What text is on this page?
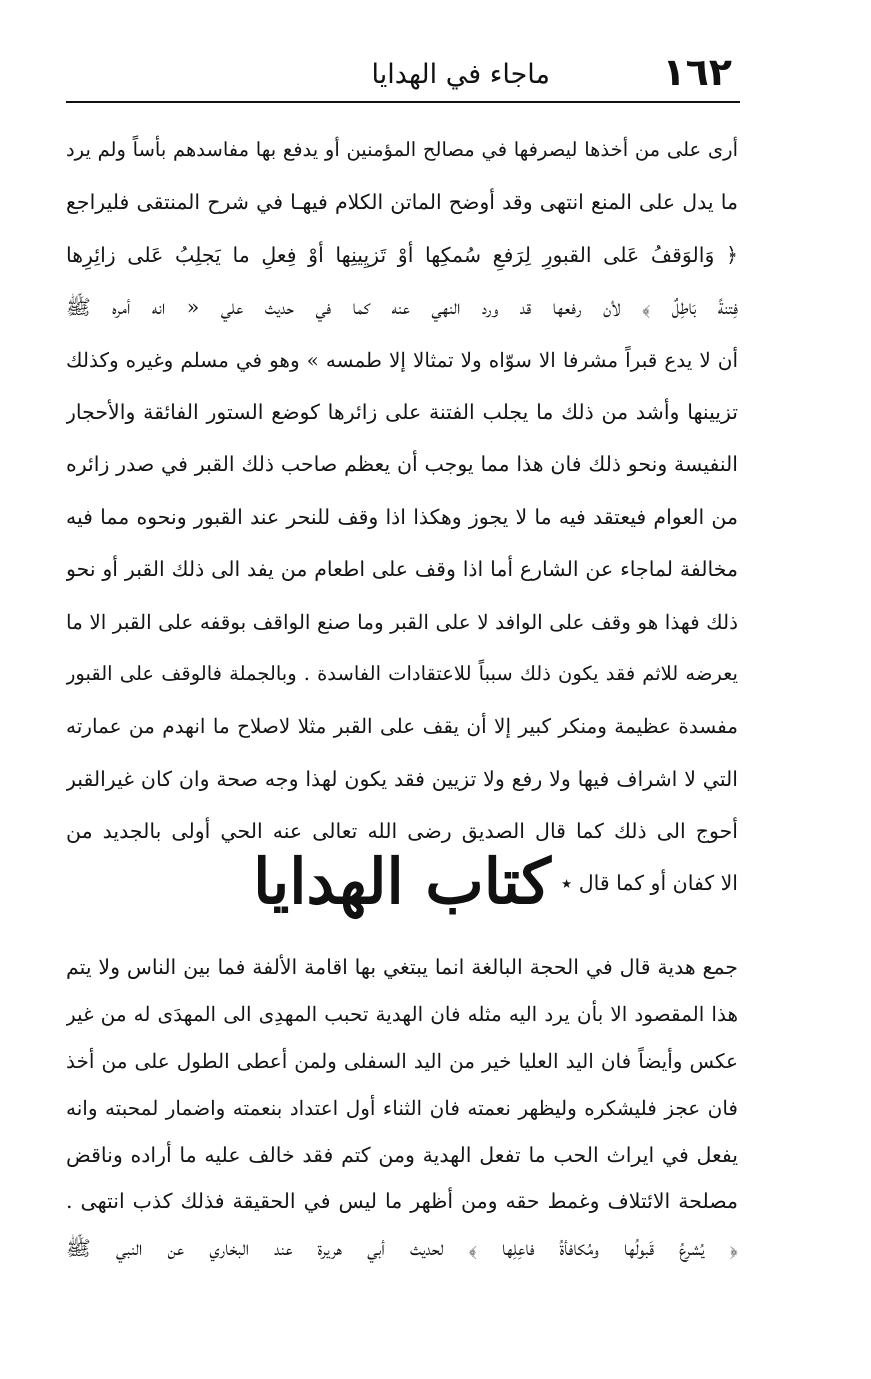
١٦٢
ماجاء في الهدايا
أرى على من أخذها ليصرفها في مصالح المؤمنين أو يدفع بها مفاسدهم بأساً ولم يرد
ما يدل على المنع انتهى وقد أوضح الماتن الكلام فيهـا في شرح المنتقى فليراجع
﴿ وَالوَقفُ عَلى القبورِ لِرَفعِ سُمكِها أوْ تَزيِينِها أوْ فِعلِ ما يَجلِبُ عَلى زائِرِها
فِتنةً بَاطِلٌ ﴾ لأن رفعها قد ورد النهي عنه كما في حديث علي « انه أمره ﷺ
أن لا يدع قبراً مشرفا الا سوّاه ولا تمثالا إلا طمسه » وهو في مسلم وغيره وكذلك
تزيينها وأشد من ذلك ما يجلب الفتنة على زائرها كوضع الستور الفائقة والأحجار
النفيسة ونحو ذلك فان هذا مما يوجب أن يعظم صاحب ذلك القبر في صدر زائره
من العوام فيعتقد فيه ما لا يجوز وهكذا اذا وقف للنحر عند القبور ونحوه مما فيه
مخالفة لماجاء عن الشارع أما اذا وقف على اطعام من يفد الى ذلك القبر أو نحو
ذلك فهذا هو وقف على الوافد لا على القبر وما صنع الواقف بوقفه على القبر الا ما
يعرضه للاثم فقد يكون ذلك سبباً للاعتقادات الفاسدة . وبالجملة فالوقف على القبور
مفسدة عظيمة ومنكر كبير إلا أن يقف على القبر مثلا لاصلاح ما انهدم من عمارته
التي لا اشراف فيها ولا رفع ولا تزيين فقد يكون لهذا وجه صحة وان كان غيرالقبر
أحوج الى ذلك كما قال الصديق رضى الله تعالى عنه الحي أولى بالجديد من
الا كفان أو كما قال ٭
كتاب الهدايا
جمع هدية قال في الحجة البالغة انما يبتغي بها اقامة الألفة فما بين الناس ولا يتم
هذا المقصود الا بأن يرد اليه مثله فان الهدية تحبب المهدِى الى المهدَى له من غير
عكس وأيضاً فان اليد العليا خير من اليد السفلى ولمن أعطى الطول على من أخذ
فان عجز فليشكره وليظهر نعمته فان الثناء أول اعتداد بنعمته واضمار لمحبته وانه
يفعل في ايراث الحب ما تفعل الهدية ومن كتم فقد خالف عليه ما أراده وناقض
مصلحة الائتلاف وغمط حقه ومن أظهر ما ليس في الحقيقة فذلك كذب انتهى .
﴿ يُشرعُ قَبولُها ومُكافأةُ فاعِلِها ﴾ لحديث أبي هريرة عند البخاري عن النبي ﷺ
